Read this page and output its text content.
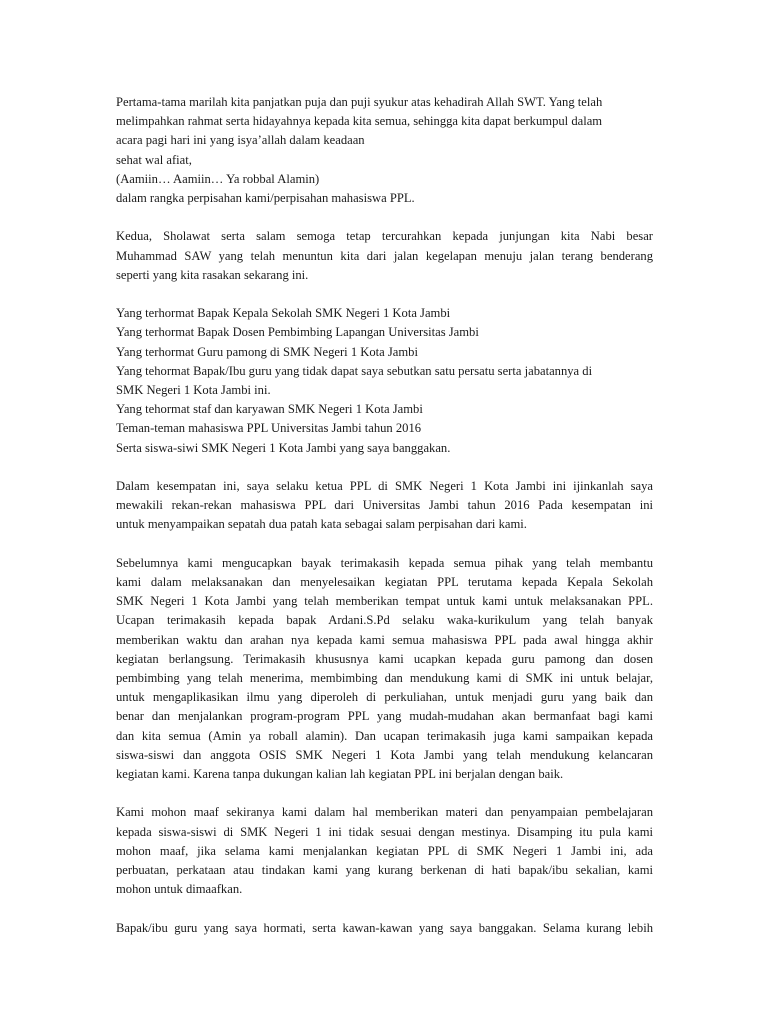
Pertama-tama marilah kita panjatkan puja dan puji syukur atas kehadirah Allah SWT. Yang telah
melimpahkan rahmat serta hidayahnya kepada kita semua, sehingga kita dapat berkumpul dalam
acara pagi hari ini yang isya’allah dalam keadaan
sehat wal afiat,
(Aamiin… Aamiin… Ya robbal Alamin)
dalam rangka perpisahan kami/perpisahan mahasiswa PPL.
Kedua, Sholawat serta salam semoga tetap tercurahkan kepada junjungan kita Nabi besar
Muhammad SAW yang telah menuntun kita dari jalan kegelapan menuju jalan terang benderang
seperti yang kita rasakan sekarang ini.
Yang terhormat Bapak Kepala Sekolah SMK Negeri 1 Kota Jambi
Yang terhormat Bapak Dosen Pembimbing Lapangan Universitas Jambi
Yang terhormat Guru pamong di SMK Negeri 1 Kota Jambi
Yang tehormat Bapak/Ibu guru yang tidak dapat saya sebutkan satu persatu serta jabatannya di
SMK Negeri 1 Kota Jambi ini.
Yang tehormat staf dan karyawan SMK Negeri 1 Kota Jambi
Teman-teman mahasiswa PPL Universitas Jambi tahun 2016
Serta siswa-siwi SMK Negeri 1 Kota Jambi yang saya banggakan.
Dalam kesempatan ini, saya selaku ketua PPL di SMK Negeri 1 Kota Jambi ini ijinkanlah saya
mewakili rekan-rekan mahasiswa PPL dari Universitas Jambi tahun 2016 Pada kesempatan ini
untuk menyampaikan sepatah dua patah kata sebagai salam perpisahan dari kami.
Sebelumnya kami mengucapkan bayak terimakasih kepada semua pihak yang telah membantu
kami dalam melaksanakan dan menyelesaikan kegiatan PPL terutama kepada Kepala Sekolah
SMK Negeri 1 Kota Jambi yang telah memberikan tempat untuk kami untuk melaksanakan PPL.
Ucapan terimakasih kepada bapak Ardani.S.Pd selaku waka-kurikulum yang telah banyak
memberikan waktu dan arahan nya kepada kami semua mahasiswa PPL pada awal hingga akhir
kegiatan berlangsung. Terimakasih khususnya kami ucapkan kepada guru pamong dan dosen
pembimbing yang telah menerima, membimbing dan mendukung kami di SMK ini untuk belajar,
untuk mengaplikasikan ilmu yang diperoleh di perkuliahan, untuk menjadi guru yang baik dan
benar dan menjalankan program-program PPL yang mudah-mudahan akan bermanfaat bagi kami
dan kita semua (Amin ya roball alamin). Dan ucapan terimakasih juga kami sampaikan kepada
siswa-siswi dan anggota OSIS SMK Negeri 1 Kota Jambi yang telah mendukung kelancaran
kegiatan kami. Karena tanpa dukungan kalian lah kegiatan PPL ini berjalan dengan baik.
Kami mohon maaf sekiranya kami dalam hal memberikan materi dan penyampaian pembelajaran
kepada siswa-siswi di SMK Negeri 1 ini tidak sesuai dengan mestinya. Disamping itu pula kami
mohon maaf, jika selama kami menjalankan kegiatan PPL di SMK Negeri 1 Jambi ini, ada
perbuatan, perkataan atau tindakan kami yang kurang berkenan di hati bapak/ibu sekalian, kami
mohon untuk dimaafkan.
Bapak/ibu guru yang saya hormati, serta kawan-kawan yang saya banggakan. Selama kurang lebih
